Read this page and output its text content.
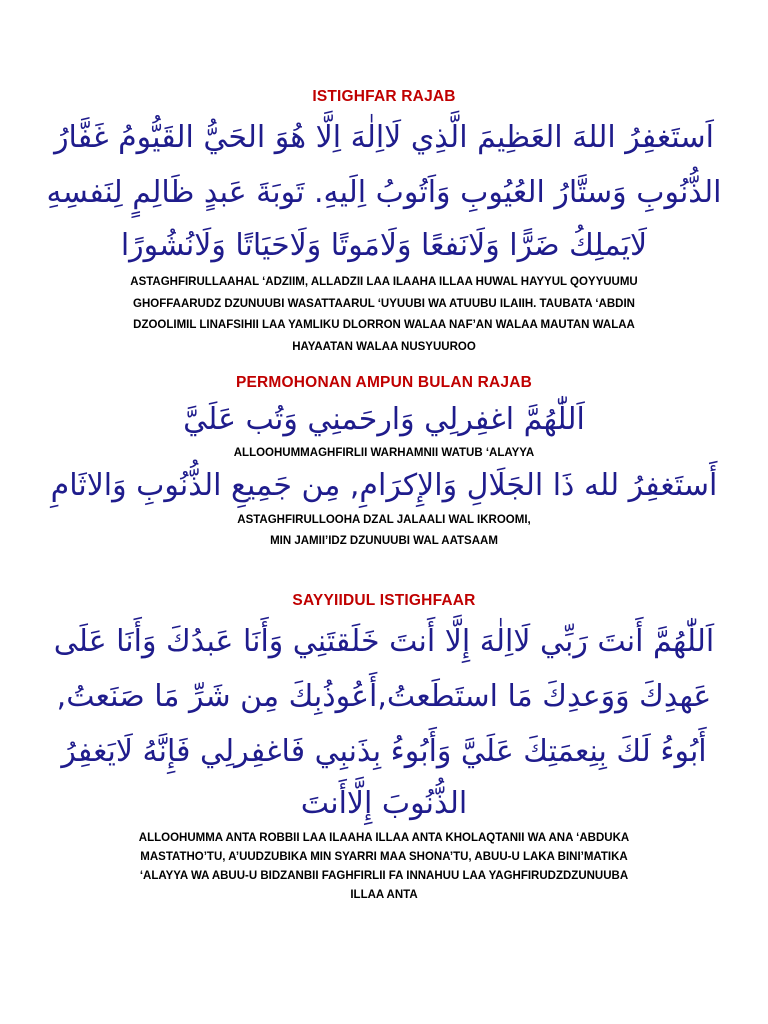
ISTIGHFAR RAJAB

اَستَغفِرُ اللهَ العَظِيمَ الَّذِي لَااِلٰهَ اِلَّا هُوَ الحَيُّ القَيُّومُ غَفَّارُ

الذُّنُوبِ وَستَّارُ العُيُوبِ وَاَتُوبُ اِلَيهِ. تَوبَةَ عَبدٍ ظَالِمٍ لِنَفسِهِ

لَايَملِكُ ضَرًّا وَلَانَفعًا وَلَامَوتًا وَلَاحَيَاتًا وَلَانُشُورًا

ASTAGHFIRULLAAHAL ‘ADZIIM, ALLADZII LAA ILAAHA ILLAA HUWAL HAYYUL QOYYUUMU

GHOFFAARUDZ DZUNUUBI WASATTAARUL ‘UYUUBI WA ATUUBU ILAIIH. TAUBATA ‘ABDIN

DZOOLIMIL LINAFSIHII LAA YAMLIKU DLORRON WALAA NAF’AN WALAA MAUTAN WALAA

HAYAATAN WALAA NUSYUUROO

PERMOHONAN AMPUN BULAN RAJAB

اَللّٰهُمَّ اغفِرلِي وَارحَمنِي وَتُب عَلَيَّ

ALLOOHUMMAGHFIRLII WARHAMNII WATUB ‘ALAYYA

أَستَغفِرُ لله ذَا الجَلَالِ وَالإِكرَامِ, مِن جَمِيعِ الذُّنُوبِ وَالاثَامِ

ASTAGHFIRULLOOHA DZAL JALAALI WAL IKROOMI,

MIN JAMII’IDZ DZUNUUBI WAL AATSAAM

SAYYIIDUL ISTIGHFAAR

اَللّٰهُمَّ أَنتَ رَبِّي لَااِلٰهَ إِلَّا أَنتَ خَلَقتَنِي وَأَنَا عَبدُكَ وَأَنَا عَلَى

عَهدِكَ وَوَعدِكَ مَا استَطَعتُ,أَعُوذُبِكَ مِن شَرِّ مَا صَنَعتُ,

أَبُوءُ لَكَ بِنِعمَتِكَ عَلَيَّ وَأَبُوءُ بِذَنبِي فَاغفِرلِي فَإِنَّهُ لَايَغفِرُ

الذُّنُوبَ إِلَّاأَنتَ

ALLOOHUMMA ANTA ROBBII LAA ILAAHA ILLAA ANTA KHOLAQTANII WA ANA ‘ABDUKA

MASTATHO’TU, A’UUDZUBIKA MIN SYARRI MAA SHONA’TU, ABUU-U LAKA BINI’MATIKA

‘ALAYYA WA ABUU-U BIDZANBII FAGHFIRLII FA INNAHUU LAA YAGHFIRUDZDZUNUUBA

ILLAA ANTA
